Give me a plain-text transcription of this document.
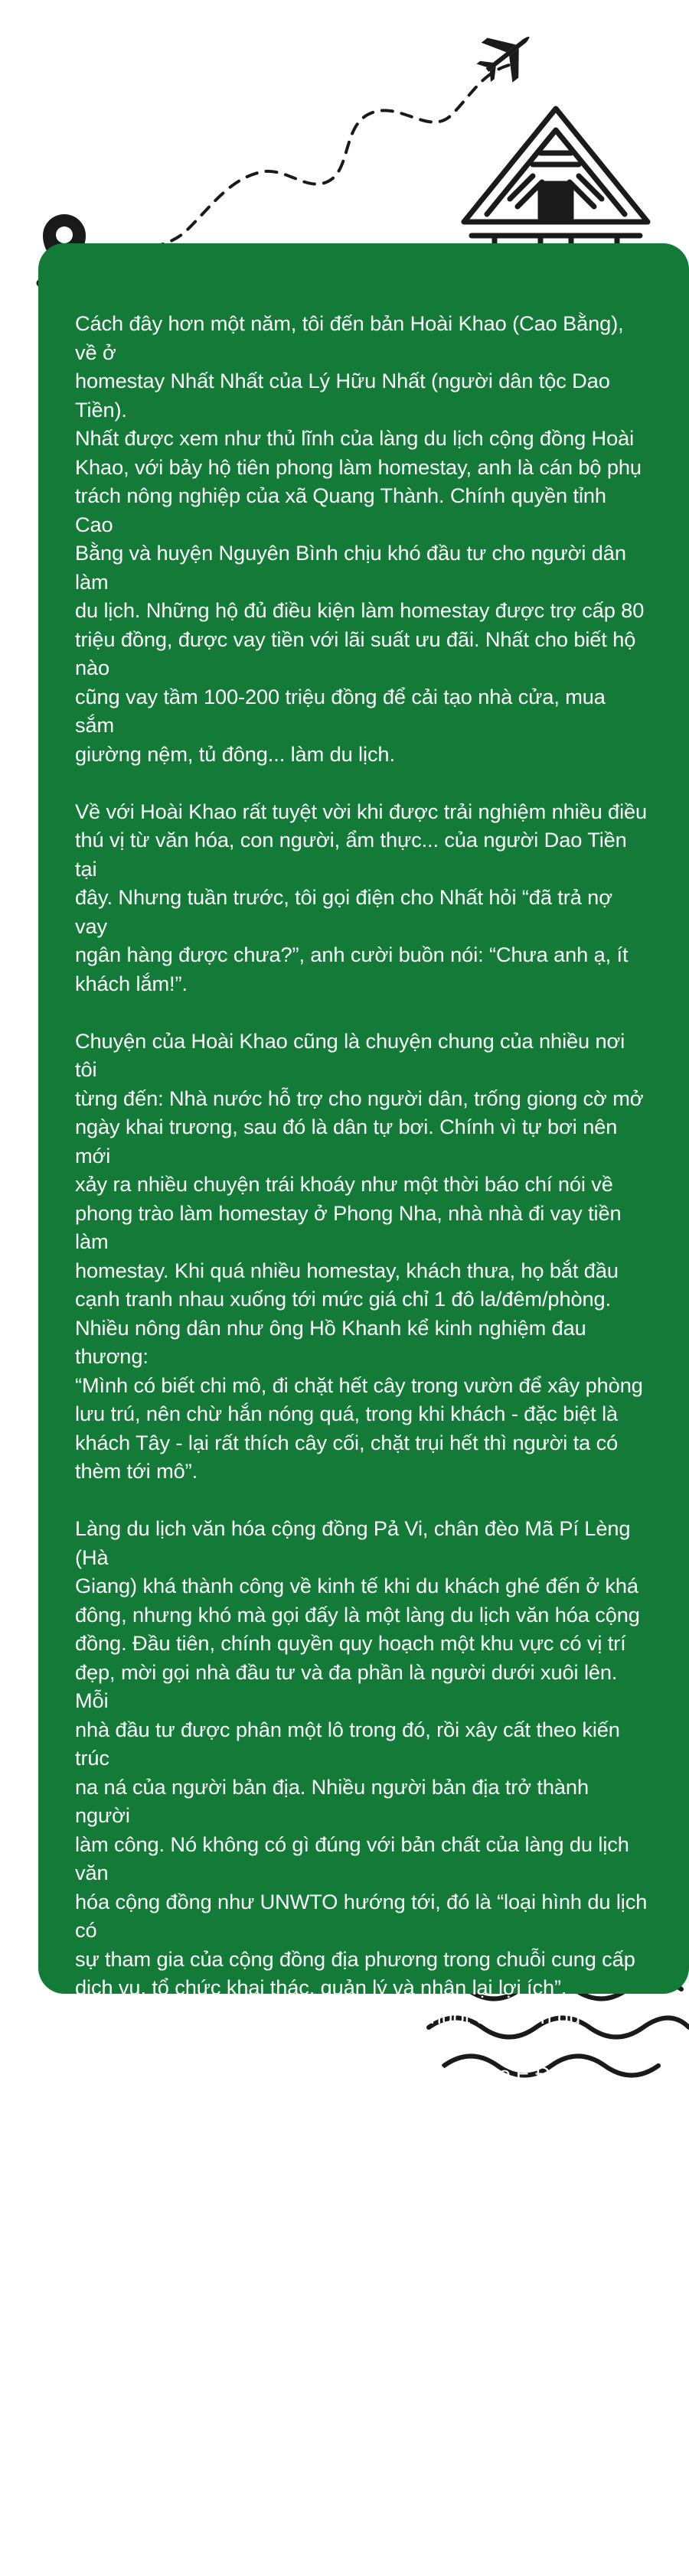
Cách đây hơn một năm, tôi đến bản Hoài Khao (Cao Bằng), về ở
homestay Nhất Nhất của Lý Hữu Nhất (người dân tộc Dao Tiền).
Nhất được xem như thủ lĩnh của làng du lịch cộng đồng Hoài
Khao, với bảy hộ tiên phong làm homestay, anh là cán bộ phụ
trách nông nghiệp của xã Quang Thành. Chính quyền tỉnh Cao
Bằng và huyện Nguyên Bình chịu khó đầu tư cho người dân làm
du lịch. Những hộ đủ điều kiện làm homestay được trợ cấp 80
triệu đồng, được vay tiền với lãi suất ưu đãi. Nhất cho biết hộ nào
cũng vay tầm 100-200 triệu đồng để cải tạo nhà cửa, mua sắm
giường nệm, tủ đông... làm du lịch.

Về với Hoài Khao rất tuyệt vời khi được trải nghiệm nhiều điều
thú vị từ văn hóa, con người, ẩm thực... của người Dao Tiền tại
đây. Nhưng tuần trước, tôi gọi điện cho Nhất hỏi “đã trả nợ vay
ngân hàng được chưa?”, anh cười buồn nói: “Chưa anh ạ, ít
khách lắm!”.

Chuyện của Hoài Khao cũng là chuyện chung của nhiều nơi tôi
từng đến: Nhà nước hỗ trợ cho người dân, trống giong cờ mở
ngày khai trương, sau đó là dân tự bơi. Chính vì tự bơi nên mới
xảy ra nhiều chuyện trái khoáy như một thời báo chí nói về
phong trào làm homestay ở Phong Nha, nhà nhà đi vay tiền làm
homestay. Khi quá nhiều homestay, khách thưa, họ bắt đầu
cạnh tranh nhau xuống tới mức giá chỉ 1 đô la/đêm/phòng.
Nhiều nông dân như ông Hồ Khanh kể kinh nghiệm đau thương:
“Mình có biết chi mô, đi chặt hết cây trong vườn để xây phòng
lưu trú, nên chừ hắn nóng quá, trong khi khách - đặc biệt là
khách Tây - lại rất thích cây cối, chặt trụi hết thì người ta có
thèm tới mô”.

Làng du lịch văn hóa cộng đồng Pả Vi, chân đèo Mã Pí Lèng (Hà
Giang) khá thành công về kinh tế khi du khách ghé đến ở khá
đông, nhưng khó mà gọi đấy là một làng du lịch văn hóa cộng
đồng. Đầu tiên, chính quyền quy hoạch một khu vực có vị trí
đẹp, mời gọi nhà đầu tư và đa phần là người dưới xuôi lên. Mỗi
nhà đầu tư được phân một lô trong đó, rồi xây cất theo kiến trúc
na ná của người bản địa. Nhiều người bản địa trở thành người
làm công. Nó không có gì đúng với bản chất của làng du lịch văn
hóa cộng đồng như UNWTO hướng tới, đó là “loại hình du lịch có
sự tham gia của cộng đồng địa phương trong chuỗi cung cấp
dịch vụ, tổ chức khai thác, quản lý và nhận lại lợi ích”.
Ở Đắk Lắk, ngay trung tâm Buôn Ma Thuột có Buôn du lịch văn
hóa cộng đồng Ako Dhong của người đồng bào Ê Đê, Mơ Mông.
Nơi đây bị biến dạng kiểu khác, những người bản địa không có
nghề làm du lịch dẫn đến việc thua lỗ, đành phải bán nhà bán
đất cho người nơi khác tới. Và người nơi khác tới thì xây cất, làm
theo kiểu dân tộc giả.

Luật pháp liên quan chuyện homestay và du lịch cộng đồng
cũng có nhiều chồng chéo. Chú Mapi - chủ homestay Nhà Gỗ -
cho biết những căn nhà xây lên để làm dịch vụ homestay đều
thuộc đất nông nghiệp, nên ông cũng như bà con trong buôn
đều lo lắng vì tính thiếu hợp pháp của nó. Một chủ farmstay ở
Tây Ninh cũng than: “Làm mà run lắm, vì xét theo luật, tất cả đều
chưa có giấy phép do nằm trên đất nông nghiệp”.
